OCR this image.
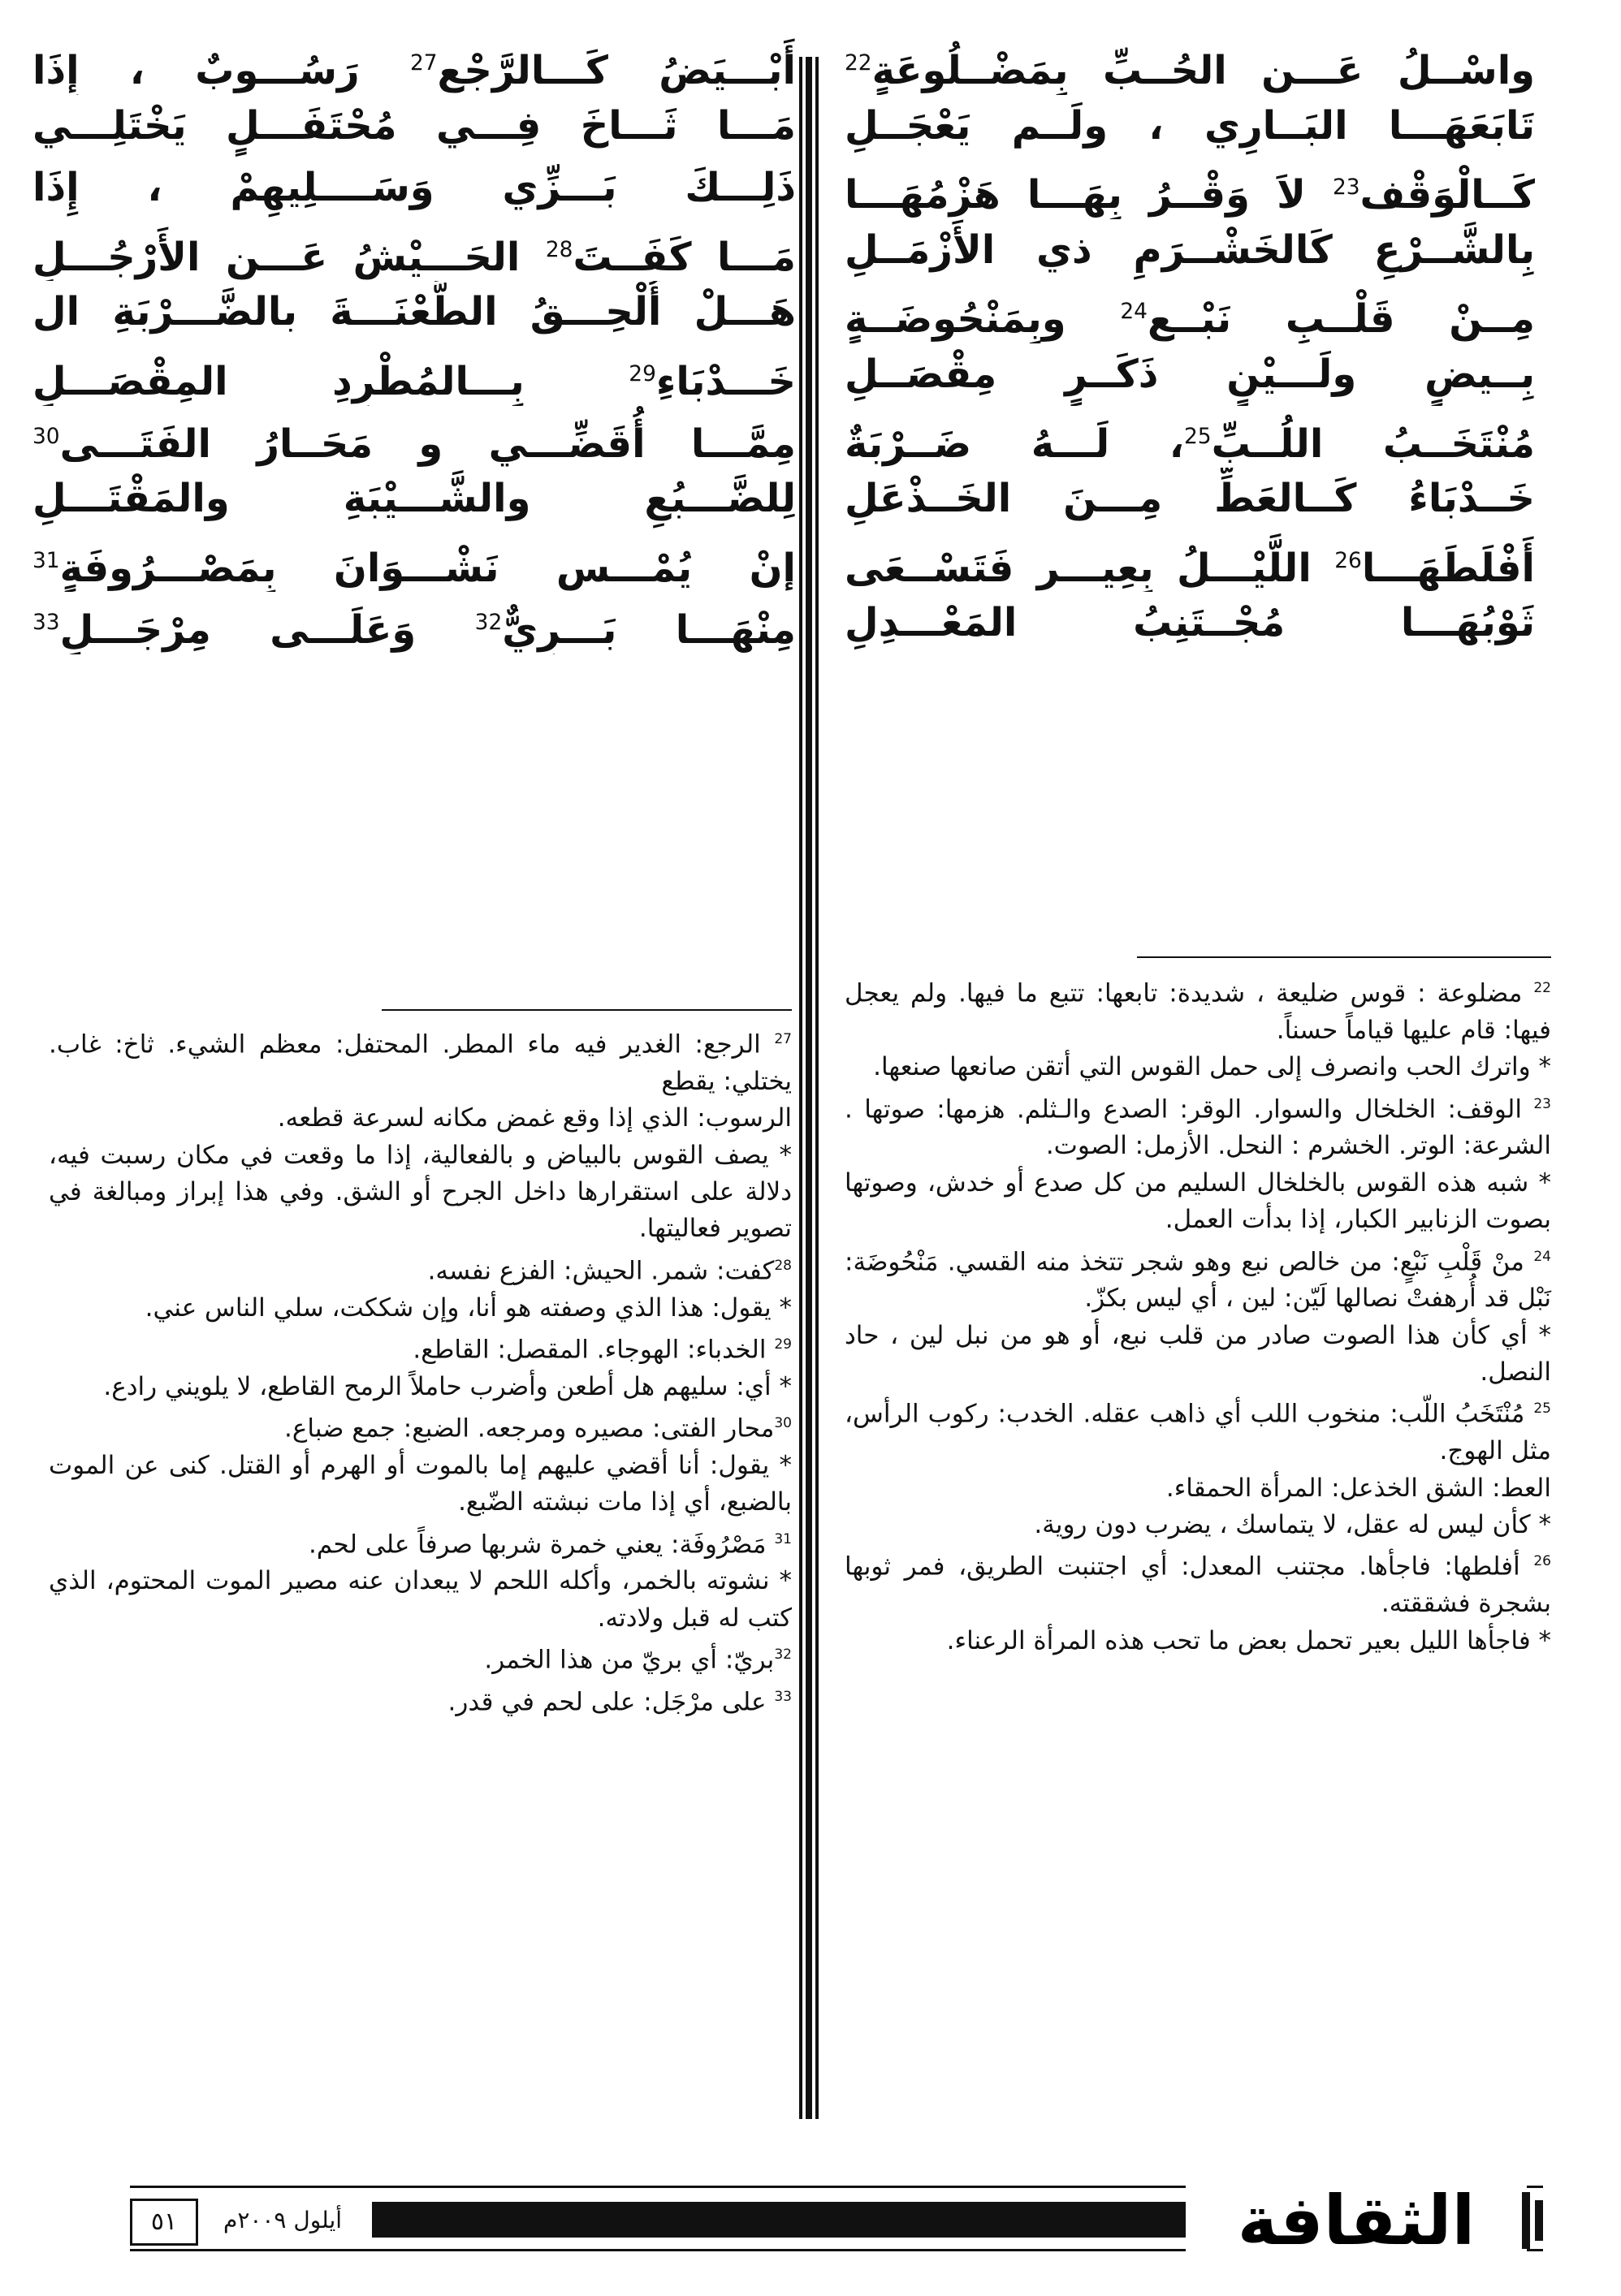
واسْــلُ عَـــنِ الحُــبِّ بِمَضْــلُوعَةٍ$^{22}$
تَابَعَهَـــا البَــارِي ، ولَــم يَعْجَــلِ
كَــالْوَقْف$^{23}$ لاَ وَقْــرُ بِهَـــا هَزْمُهَـــا
بِالشَّــرْعِ كَالخَشْــرَمِ ذي الأَزْمَــلِ
مِــنْ قَلْــبِ نَبْــعٍ$^{24}$ وبِمَنْحُوضَــةٍ
بِــيضٍ ولَـــيْنٍ ذَكَــرٍ مِقْصَــلِ
مُنْتَخَــبُ اللُــبِّ$^{25}$، لَـــهُ ضَــرْبَةٌ
خَــدْبَاءُ كَــالعَطِّ مِـــنَ الخَــذْعَلِ
أَفْلَطَهَـــا$^{26}$ اللَّيْـــلُ بِعِيـــرٍ فَتَسْــعَى
ثَوْبُهَـــا مُجْــتَنِبُ المَعْـــدِلِ
أَبْـــيَضُ كَـــالرَّجْعِ$^{27}$ رَسُـــوبٌ ، إِذَا
مَـــا ثَـــاخَ فِـــي مُحْتَفَـــلٍ يَخْتَلِـــي
ذَلِـــكَ بَـــزِّي وَسَــــلِيهِمْ ، إِذَا
مَـــا كَفَــتَ$^{28}$ الحَـــيْشُ عَـــنِ الأَرْجُـــلِ
هَـــلْ أُلْحِـــقُ الطَّعْنَـــةَ بالضَّـــرْبَةِ ال
خَـــدْبَاءِ$^{29}$ بِـــالمُطْرِدِ المِقْصَـــلِ
مِمَّـــا أُقَضِّـــي و مَحَــارُ الفَتَـــى$^{30}$
لِلضَّـــبُعِ والشَّـــيْبَةِ والمَقْتَـــلِ
إِنْ يُمْـــسِ نَشْـــوَانَ بِمَصْـــرُوفَةٍ$^{31}$
مِنْهَـــا بَـــرِيٌّ$^{32}$ وَعَلَـــى مِرْجَـــلِ$^{33}$

$^{22}$ مضلوعة : قوس ضليعة ، شديدة: تابعها: تتبع ما فيها. ولم يعجل فيها: قام عليها قياماً حسناً.

* واترك الحب وانصرف إلى حمل القوس التي أتقن صانعها صنعها.

$^{23}$ الوقف: الخلخال والسوار. الوقر: الصدع والـثلم. هزمها: صوتها . الشرعة: الوتر. الخشرم : النحل. الأزمل: الصوت.

* شبه هذه القوس بالخلخال السليم من كل صدع أو خدش، وصوتها بصوت الزنابير الكبار، إذا بدأت العمل.

$^{24}$ منْ قَلْبِ نَبْعٍ: من خالص نبع وهو شجر تتخذ منه القسي. مَنْحُوضَة: نَبْل قد أُرهفتْ نصالها لَيّن: لين ، أي ليس بكزّ.

* أي كأن هذا الصوت صادر من قلب نبع، أو هو من نبل لين ، حاد النصل.

$^{25}$ مُنْتَخَبُ اللّب: منخوب اللب أي ذاهب عقله. الخدب: ركوب الرأس، مثل الهوج.

العط: الشق الخذعل: المرأة الحمقاء.

* كأن ليس له عقل، لا يتماسك ، يضرب دون روية.

$^{26}$ أفلطها: فاجأها. مجتنب المعدل: أي اجتنبت الطريق، فمر ثوبها بشجرة فشققته.

* فاجأها الليل بعير تحمل بعض ما تحب هذه المرأة الرعناء.

$^{27}$ الرجع: الغدير فيه ماء المطر. المحتفل: معظم الشيء. ثاخ: غاب. يختلي: يقطع

الرسوب: الذي إذا وقع غمض مكانه لسرعة قطعه.

* يصف القوس بالبياض و بالفعالية، إذا ما وقعت في مكان رسبت فيه، دلالة على استقرارها داخل الجرح أو الشق. وفي هذا إبراز ومبالغة في تصوير فعاليتها.

$^{28}$كفت: شمر. الحيش: الفزع نفسه.

* يقول: هذا الذي وصفته هو أنا، وإن شككت، سلي الناس عني.

$^{29}$ الخدباء: الهوجاء. المقصل: القاطع.

* أي: سليهم هل أطعن وأضرب حاملاً الرمح القاطع، لا يلويني رادع.

$^{30}$محار الفتى: مصيره ومرجعه. الضبع: جمع ضباع.

* يقول: أنا أقضي عليهم إما بالموت أو الهرم أو القتل. كنى عن الموت بالضبع، أي إذا مات نبشته الضّبع.

$^{31}$ مَصْرُوفَة: يعني خمرة شربها صرفاً على لحم.

* نشوته بالخمر، وأكله اللحم لا يبعدان عنه مصير الموت المحتوم، الذي كتب له قبل ولادته.

$^{32}$بريّ: أي بريّ من هذا الخمر.

$^{33}$ على مرْجَل: على لحم في قدر.

الثقافة
أيلول ٢٠٠٩م
٥١
